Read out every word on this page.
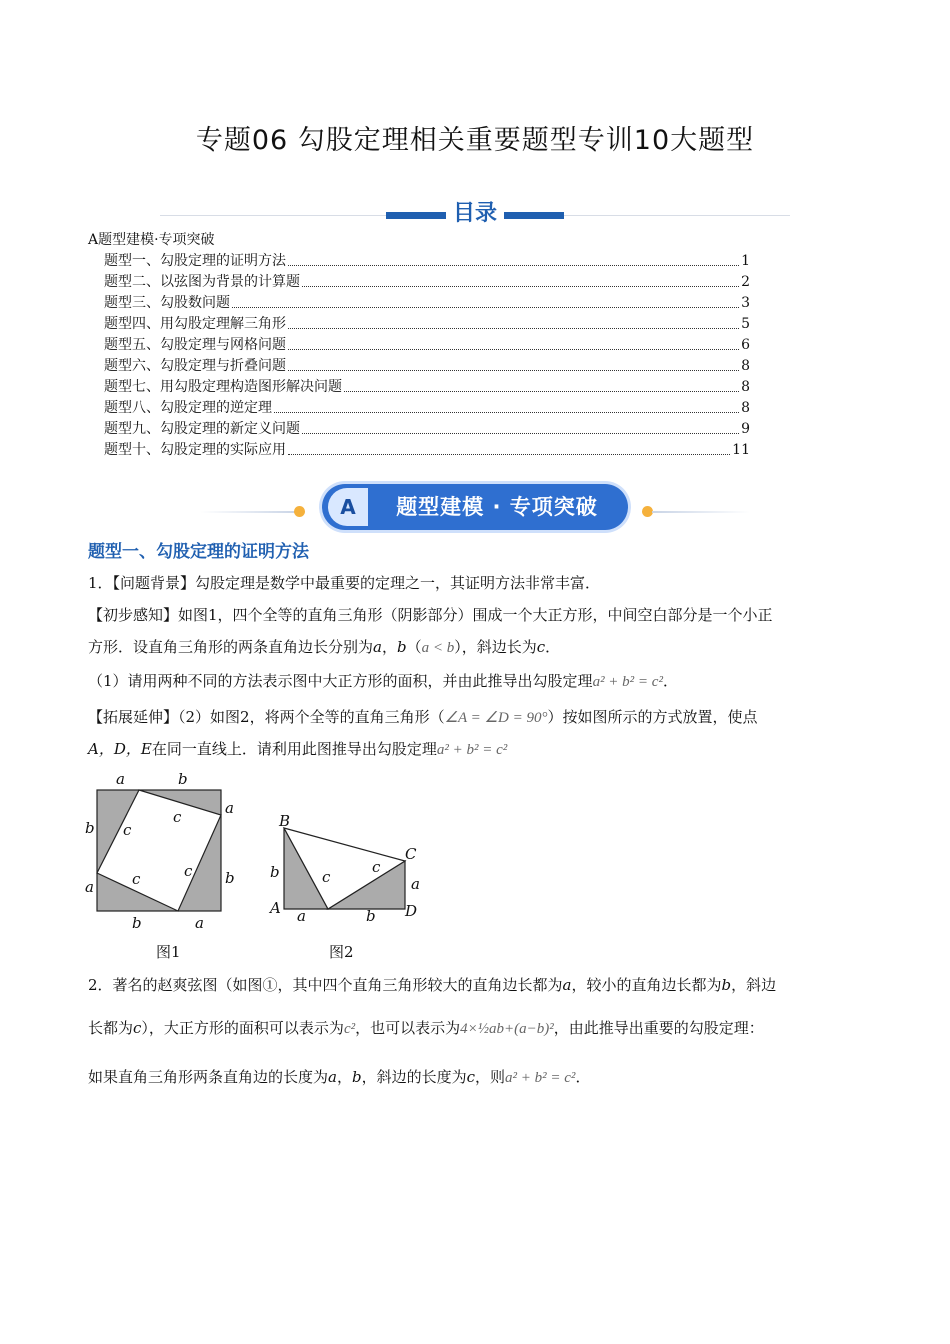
专题06 勾股定理相关重要题型专训10大题型
目录
A题型建模·专项突破
题型一、勾股定理的证明方法	1
题型二、以弦图为背景的计算题	2
题型三、勾股数问题	3
题型四、用勾股定理解三角形	5
题型五、勾股定理与网格问题	6
题型六、勾股定理与折叠问题	8
题型七、用勾股定理构造图形解决问题	8
题型八、勾股定理的逆定理	8
题型九、勾股定理的新定义问题	9
题型十、勾股定理的实际应用	11
A	题型建模 · 专项突破
题型一、勾股定理的证明方法
1．【问题背景】勾股定理是数学中最重要的定理之一，其证明方法非常丰富．
【初步感知】如图1，四个全等的直角三角形（阴影部分）围成一个大正方形，中间空白部分是一个小正
方形．设直角三角形的两条直角边长分别为a，b（a < b），斜边长为c．
（1）请用两种不同的方法表示图中大正方形的面积，并由此推导出勾股定理a² + b² = c²．
【拓展延伸】（2）如图2，将两个全等的直角三角形（∠A = ∠D = 90°）按如图所示的方式放置，使点
A，D，E在同一直线上．请利用此图推导出勾股定理a² + b² = c²
a	b
b
a
a
b
b	a
c
c
c	c
图1
B
C
A	D
b
a
c
c
a
b
图2
2．著名的赵爽弦图（如图①，其中四个直角三角形较大的直角边长都为a，较小的直角边长都为b，斜边
长都为c），大正方形的面积可以表示为c²，也可以表示为4×½ab+(a−b)²，由此推导出重要的勾股定理：
如果直角三角形两条直角边的长度为a，b，斜边的长度为c，则a² + b² = c²．
